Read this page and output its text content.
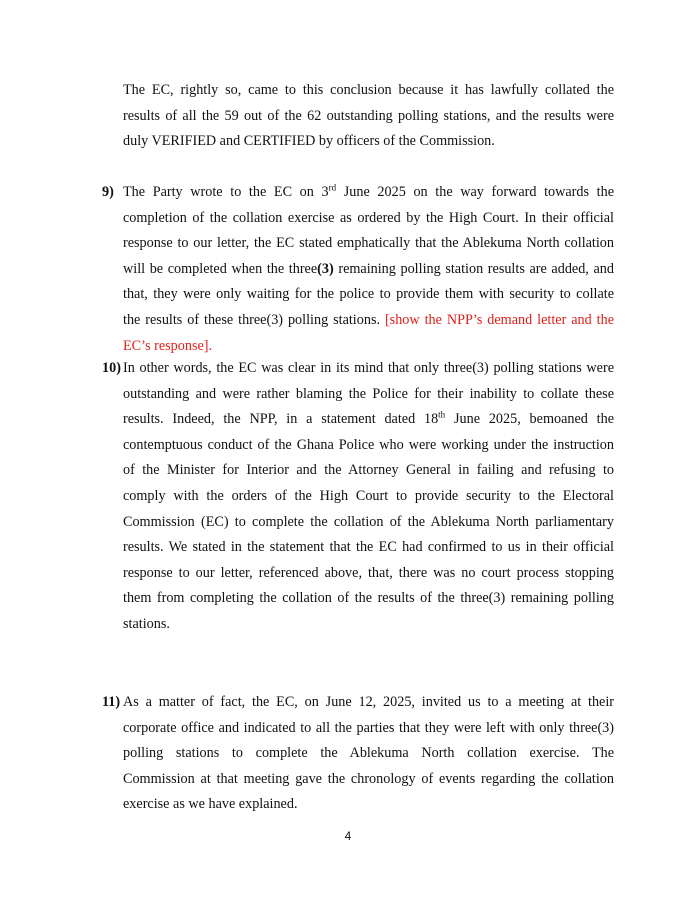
The EC, rightly so, came to this conclusion because it has lawfully collated the
results of all the 59 out of the 62 outstanding polling stations, and the results were
duly VERIFIED and CERTIFIED by officers of the Commission.
9) The Party wrote to the EC on 3rd June 2025 on the way forward towards the
completion of the collation exercise as ordered by the High Court. In their official
response to our letter, the EC stated emphatically that the Ablekuma North collation
will be completed when the three(3) remaining polling station results are added, and
that, they were only waiting for the police to provide them with security to collate
the results of these three(3) polling stations. [show the NPP’s demand letter and the
EC’s response].
10) In other words, the EC was clear in its mind that only three(3) polling stations were
outstanding and were rather blaming the Police for their inability to collate these
results. Indeed, the NPP, in a statement dated 18th June 2025, bemoaned the
contemptuous conduct of the Ghana Police who were working under the instruction
of the Minister for Interior and the Attorney General in failing and refusing to
comply with the orders of the High Court to provide security to the Electoral
Commission (EC) to complete the collation of the Ablekuma North parliamentary
results. We stated in the statement that the EC had confirmed to us in their official
response to our letter, referenced above, that, there was no court process stopping
them from completing the collation of the results of the three(3) remaining polling
stations.
11) As a matter of fact, the EC, on June 12, 2025, invited us to a meeting at their
corporate office and indicated to all the parties that they were left with only three(3)
polling stations to complete the Ablekuma North collation exercise. The
Commission at that meeting gave the chronology of events regarding the collation
exercise as we have explained.
4
